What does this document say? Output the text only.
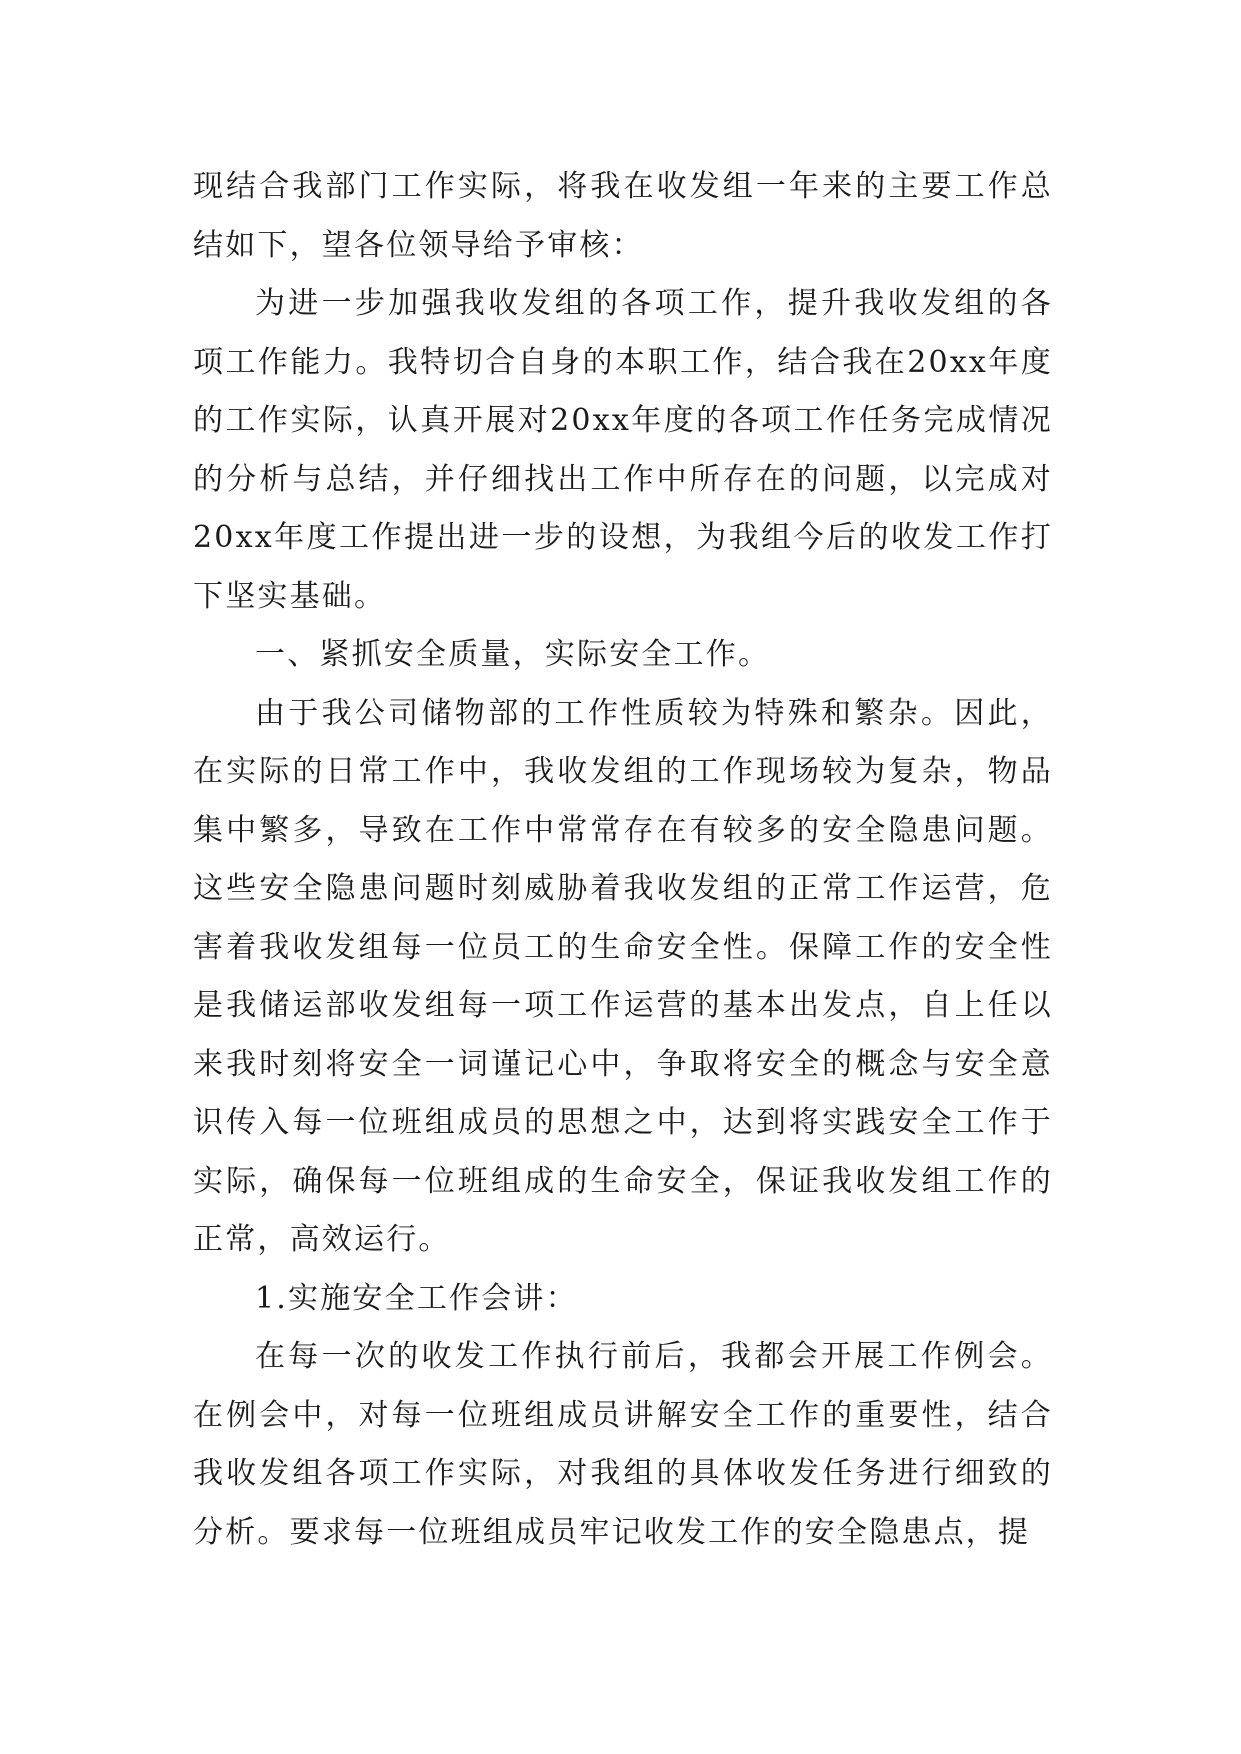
现结合我部门工作实际，将我在收发组一年来的主要工作总结如下，望各位领导给予审核：

为进一步加强我收发组的各项工作，提升我收发组的各项工作能力。我特切合自身的本职工作，结合我在20xx年度的工作实际，认真开展对20xx年度的各项工作任务完成情况的分析与总结，并仔细找出工作中所存在的问题，以完成对20xx年度工作提出进一步的设想，为我组今后的收发工作打下坚实基础。

一、紧抓安全质量，实际安全工作。

由于我公司储物部的工作性质较为特殊和繁杂。因此，在实际的日常工作中，我收发组的工作现场较为复杂，物品集中繁多，导致在工作中常常存在有较多的安全隐患问题。这些安全隐患问题时刻威胁着我收发组的正常工作运营，危害着我收发组每一位员工的生命安全性。保障工作的安全性是我储运部收发组每一项工作运营的基本出发点，自上任以来我时刻将安全一词谨记心中，争取将安全的概念与安全意识传入每一位班组成员的思想之中，达到将实践安全工作于实际，确保每一位班组成的生命安全，保证我收发组工作的正常，高效运行。

1.实施安全工作会讲：

在每一次的收发工作执行前后，我都会开展工作例会。在例会中，对每一位班组成员讲解安全工作的重要性，结合我收发组各项工作实际，对我组的具体收发任务进行细致的分析。要求每一位班组成员牢记收发工作的安全隐患点，提
